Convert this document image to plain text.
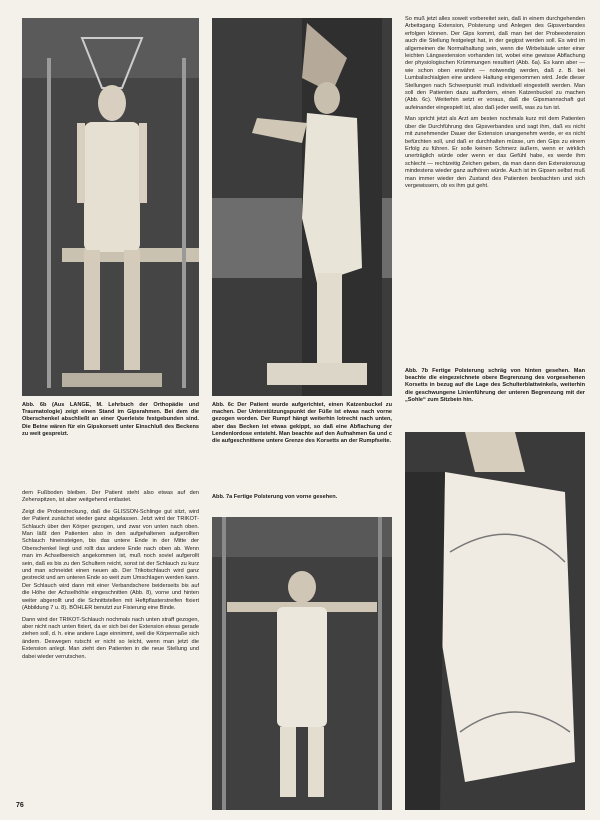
Abb. 6b (Aus LANGE, M. Lehrbuch der Orthopädie und Traumatologie) zeigt einen Stand im Gipsrahmen. Bei dem die Oberschenkel abschließt an einer Querleiste festgebunden sind. Die Beine wären für ein Gipskorsett unter Einschluß des Beckens zu weit gespreizt.
Abb. 6c Der Patient wurde aufgerichtet, einen Katzenbuckel zu machen. Der Unterstützungspunkt der Füße ist etwas nach vorne gezogen worden. Der Rumpf hängt weiterhin lotrecht nach unten, aber das Becken ist etwas gekippt, so daß eine Abflachung der Lendenlordose entsteht. Man beachte auf den Aufnahmen 6a und c die aufgeschnittene untere Grenze des Korsetts an der Rumpfseite.
Abb. 7a Fertige Polsterung von vorne gesehen.
Abb. 7b Fertige Polsterung schräg von hinten gesehen. Man beachte die eingezeichnete obere Begrenzung des vorgesehenen Korsetts in bezug auf die Lage des Schulterblattwinkels, weiterhin die geschwungene Linienführung der unteren Begrenzung mit der „Sohle“ zum Sitzbein hin.

dem Fußboden bleiben. Der Patient steht also etwas auf den Zehenspitzen, ist aber weitgehend entlastet.

Zeigt die Probestreckung, daß die GLISSON-Schlinge gut sitzt, wird der Patient zunächst wieder ganz abgelassen. Jetzt wird der TRIKOT-Schlauch über den Körper gezogen, und zwar von unten nach oben. Man läßt den Patienten also in den aufgehaltenen aufgerollten Schlauch hineinsteigen, bis das untere Ende in der Mitte der Oberschenkel liegt und rollt das andere Ende nach oben ab. Wenn man im Achselbereich angekommen ist, muß noch soviel aufgerollt sein, daß es bis zu den Schultern reicht, sonst ist der Schlauch zu kurz und man schneidet einen neuen ab. Der Trikotschlauch wird ganz gestreckt und am unteren Ende so weit zum Umschlagen werden kann. Der Schlauch wird dann mit einer Verbandschere beiderseits bis auf die Höhe der Achselhöhle eingeschnitten (Abb. 8), vorne und hinten weiter abgerollt und die Schnittstellen mit Heftpflasterstreifen fixiert (Abbildung 7 u. 8). BÖHLER benutzt zur Fixierung eine Binde.

Dann wird der TRIKOT-Schlauch nochmals nach unten straff gezogen, aber nicht nach unten fixiert, da er sich bei der Extension etwas gerade ziehen soll, d. h. eine andere Lage einnimmt, weil die Körpermaße sich ändern. Deswegen rutscht er nicht so leicht, wenn man jetzt die Extension anlegt. Man zieht den Patienten in die neue Stellung und dabei wieder verrutschen.

So muß jetzt alles soweit vorbereitet sein, daß in einem durchgehenden Arbeitsgang Extension, Polsterung und Anlegen des Gipsverbandes erfolgen können. Der Gips kommt, daß man bei der Probeextension auch die Stellung festgelegt hat, in der gegipst werden soll. Es wird im allgemeinen die Normalhaltung sein, wenn die Wirbelsäule unter einer leichten Längsextension vorhanden ist, wobei eine gewisse Abflachung der physiologischen Krümmungen resultiert (Abb. 6a). Es kann aber — wie schon oben erwähnt — notwendig werden, daß z. B. bei Lumbalischialgien eine andere Haltung eingenommen wird. Jede dieser Stellungen nach Schwerpunkt muß individuell eingestellt werden. Man soll den Patienten dazu auffordern, einen Katzenbuckel zu machen (Abb. 6c). Weiterhin setzt er voraus, daß die Gipsmannschaft gut aufeinander eingespielt ist, also daß jeder weiß, was zu tun ist.

Man spricht jetzt als Arzt am besten nochmals kurz mit dem Patienten über die Durchführung des Gipsverbandes und sagt ihm, daß es nicht mit zunehmender Dauer der Extension unangenehm werde, er es nicht befürchten soll, und daß er durchhalten müsse, um den Gips zu einem Erfolg zu führen. Er solle keinen Schmerz äußern, wenn er wirklich unerträglich würde oder wenn er das Gefühl habe, es werde ihm schlecht — rechtzeitig Zeichen geben, da man dann den Extensionszug mindestens wieder ganz aufhören würde. Auch ist im Gipsen selbst muß man immer wieder den Zustand des Patienten beobachten und sich vergewissern, ob es ihm gut geht.

76
